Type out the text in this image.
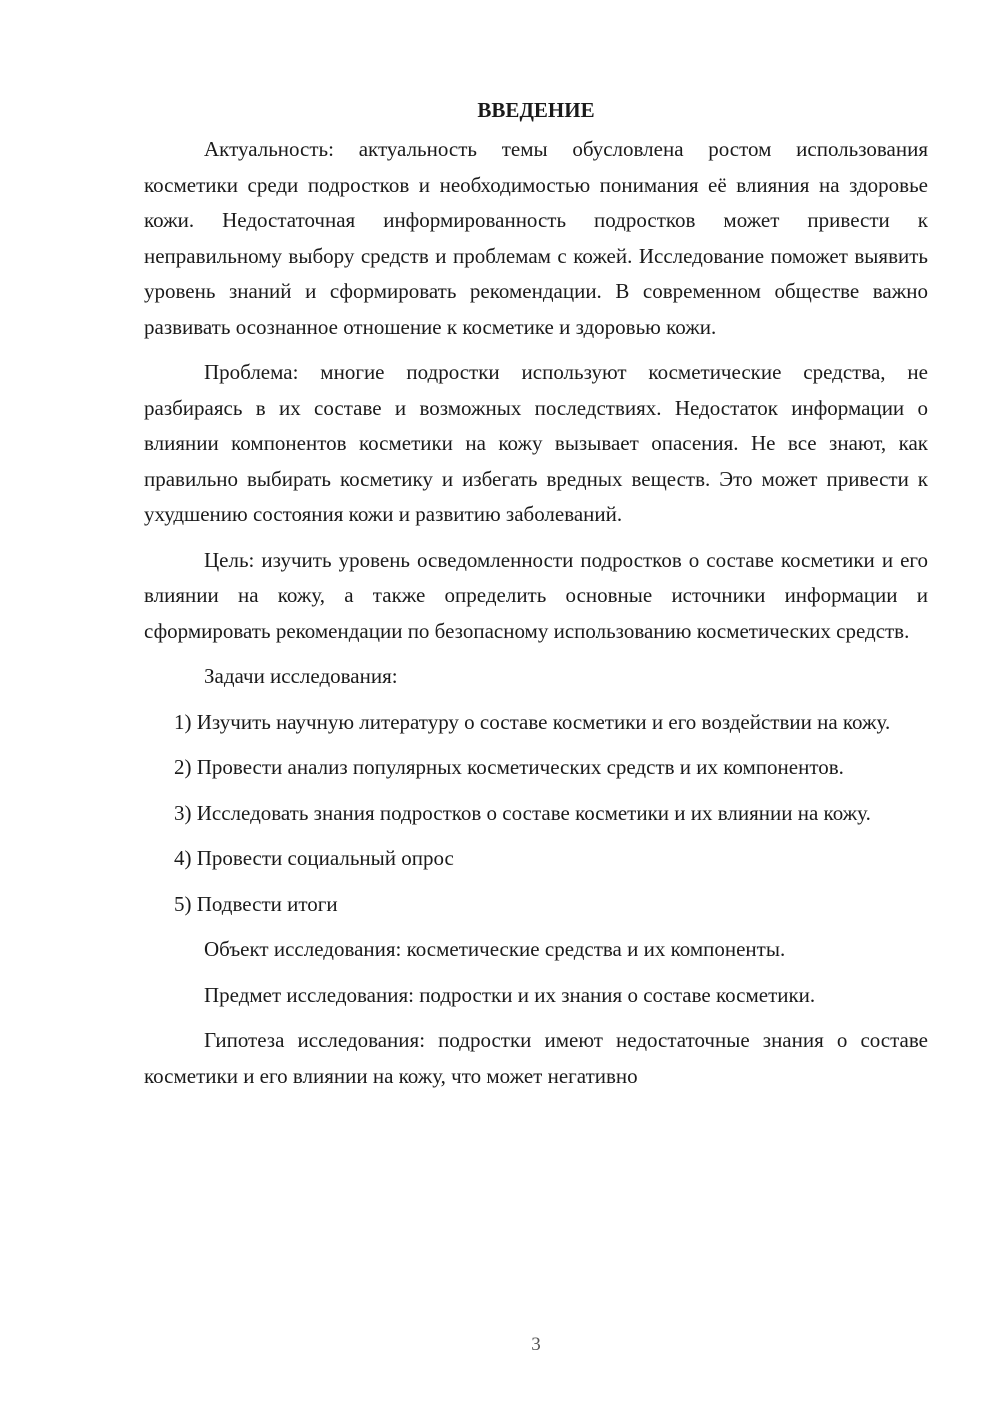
ВВЕДЕНИЕ

Актуальность: актуальность темы обусловлена ростом использования косметики среди подростков и необходимостью понимания её влияния на здоровье кожи. Недостаточная информированность подростков может привести к неправильному выбору средств и проблемам с кожей. Исследование поможет выявить уровень знаний и сформировать рекомендации. В современном обществе важно развивать осознанное отношение к косметике и здоровью кожи.

Проблема: многие подростки используют косметические средства, не разбираясь в их составе и возможных последствиях. Недостаток информации о влиянии компонентов косметики на кожу вызывает опасения. Не все знают, как правильно выбирать косметику и избегать вредных веществ. Это может привести к ухудшению состояния кожи и развитию заболеваний.

Цель: изучить уровень осведомленности подростков о составе косметики и его влиянии на кожу, а также определить основные источники информации и сформировать рекомендации по безопасному использованию косметических средств.

Задачи исследования:

1) Изучить научную литературу о составе косметики и его воздействии на кожу.

2) Провести анализ популярных косметических средств и их компонентов.

3) Исследовать знания подростков о составе косметики и их влиянии на кожу.

4) Провести социальный опрос

5) Подвести итоги

Объект исследования: косметические средства и их компоненты.

Предмет исследования: подростки и их знания о составе косметики.

Гипотеза исследования: подростки имеют недостаточные знания о составе косметики и его влиянии на кожу, что может негативно

3
